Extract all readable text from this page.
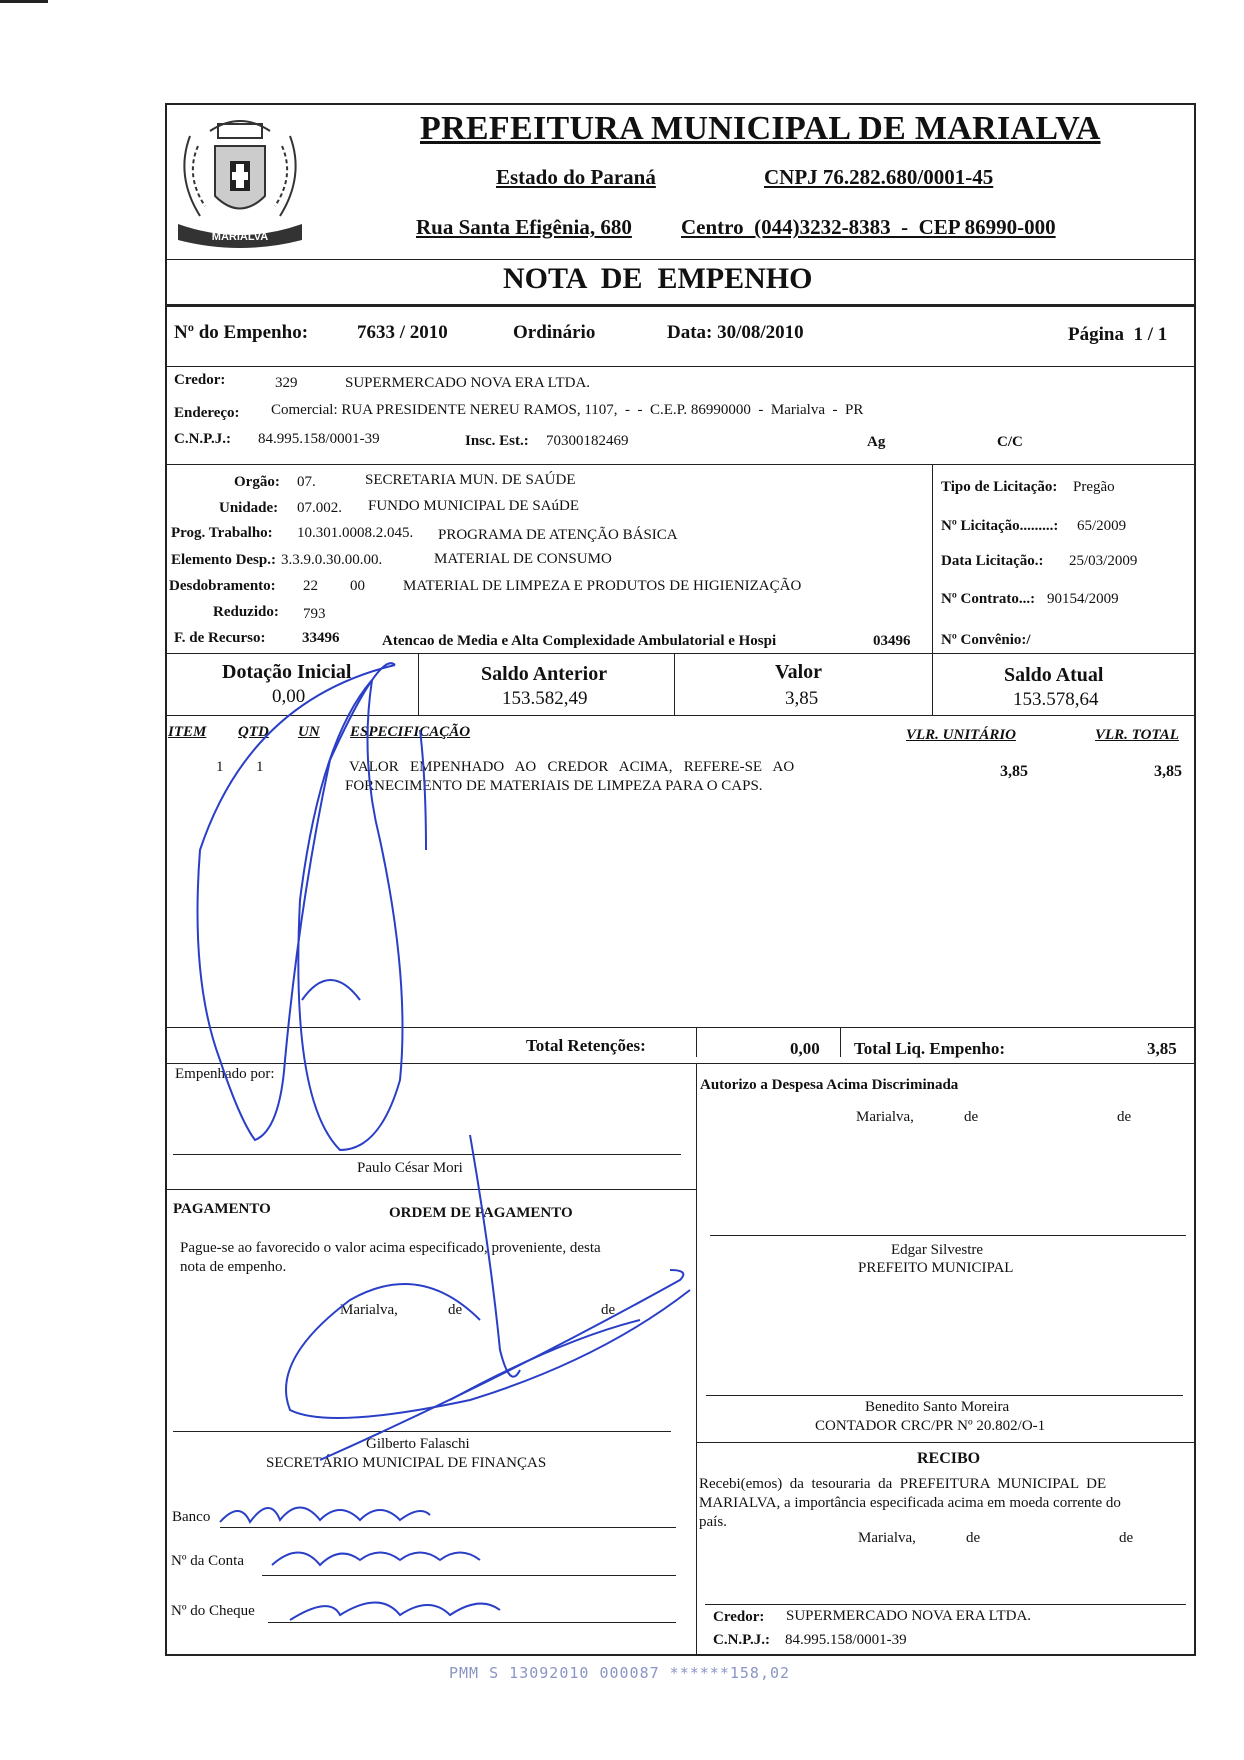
MARIALVA
PREFEITURA MUNICIPAL DE MARIALVA
Estado do Paraná	CNPJ 76.282.680/0001-45
Rua Santa Efigênia, 680 Centro  (044)3232-8383  -  CEP 86990-000
NOTA  DE  EMPENHO
Nº do Empenho:	7633 / 2010	Ordinário	Data: 30/08/2010	Página  1 / 1
Credor:	329	SUPERMERCADO NOVA ERA LTDA.
Endereço: Comercial: RUA PRESIDENTE NEREU RAMOS, 1107,  -  -  C.E.P. 86990000  -  Marialva  -  PR
C.N.P.J.: 84.995.158/0001-39	Insc. Est.: 70300182469	Ag	C/C
Orgão: 07.	SECRETARIA MUN. DE SAÚDE
Unidade: 07.002. FUNDO MUNICIPAL DE SAúDE
Prog. Trabalho: 10.301.0008.2.045. PROGRAMA DE ATENÇÃO BÁSICA
Elemento Desp.: 3.3.9.0.30.00.00.	MATERIAL DE CONSUMO
Desdobramento: 22 00	MATERIAL DE LIMPEZA E PRODUTOS DE HIGIENIZAÇÃO
Reduzido: 793
F. de Recurso: 33496	Atencao de Media e Alta Complexidade Ambulatorial e Hospi	03496
Tipo de Licitação: Pregão
Nº Licitação.........: 65/2009
Data Licitação.: 25/03/2009
Nº Contrato...: 90154/2009
Nº Convênio:/
Dotação Inicial
0,00
Saldo Anterior
153.582,49
Valor
3,85
Saldo Atual
153.578,64
ITEM QTD UN ESPECIFICAÇÃO	VLR. UNITÁRIO	VLR. TOTAL
1 1	VALOR   EMPENHADO   AO   CREDOR   ACIMA,   REFERE-SE   AO
FORNECIMENTO DE MATERIAIS DE LIMPEZA PARA O CAPS.
3,85	3,85
Total Retenções:	0,00 Total Liq. Empenho:	3,85
Empenhado por:
Paulo César Mori
PAGAMENTO	ORDEM DE PAGAMENTO
Pague-se ao favorecido o valor acima especificado, proveniente, desta
nota de empenho.
Marialva,	de	de
Gilberto Falaschi
SECRETÁRIO MUNICIPAL DE FINANÇAS
Banco
Nº da Conta
Nº do Cheque
Autorizo a Despesa Acima Discriminada
Marialva,	de	de
Edgar Silvestre
PREFEITO MUNICIPAL
Benedito Santo Moreira
CONTADOR CRC/PR Nº 20.802/O-1
RECIBO
Recebi(emos)  da  tesouraria  da  PREFEITURA  MUNICIPAL  DE
MARIALVA, a importância especificada acima em moeda corrente do
país.
Marialva,	de	de
Credor: SUPERMERCADO NOVA ERA LTDA.
C.N.P.J.: 84.995.158/0001-39
PMM S 13092010 000087 ******158,02
